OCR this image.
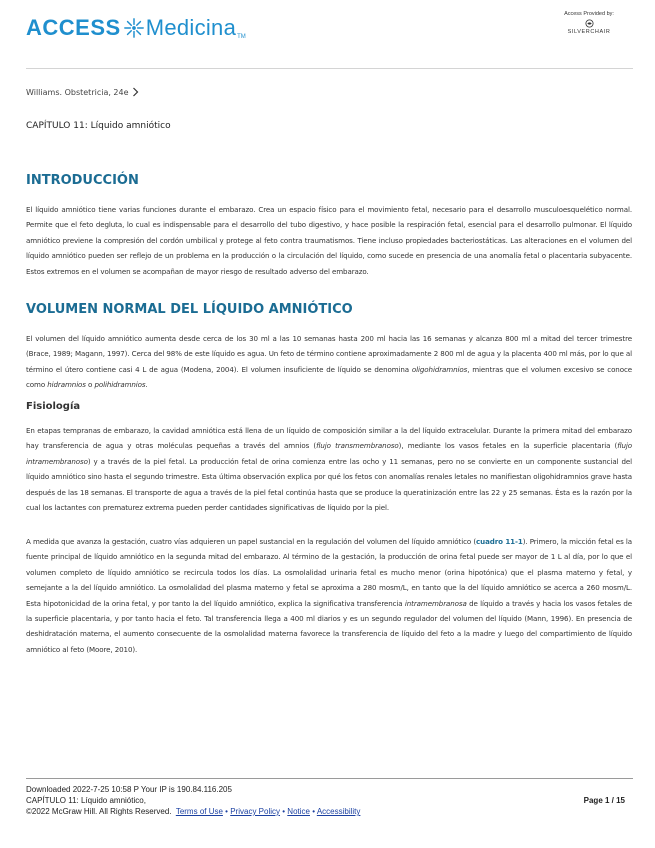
ACCESS Medicina TM
Access Provided by:
SILVERCHAIR
Williams. Obstetricia, 24e
CAPÍTULO 11: Líquido amniótico
INTRODUCCIÓN

El líquido amniótico tiene varias funciones durante el embarazo. Crea un espacio físico para el movimiento fetal, necesario para el desarrollo musculoesquelético normal. Permite que el feto degluta, lo cual es indispensable para el desarrollo del tubo digestivo, y hace posible la respiración fetal, esencial para el desarrollo pulmonar. El líquido amniótico previene la compresión del cordón umbilical y protege al feto contra traumatismos. Tiene incluso propiedades bacteriostáticas. Las alteraciones en el volumen del líquido amniótico pueden ser reflejo de un problema en la producción o la circulación del líquido, como sucede en presencia de una anomalía fetal o placentaria subyacente. Estos extremos en el volumen se acompañan de mayor riesgo de resultado adverso del embarazo.

VOLUMEN NORMAL DEL LÍQUIDO AMNIÓTICO

El volumen del líquido amniótico aumenta desde cerca de los 30 ml a las 10 semanas hasta 200 ml hacia las 16 semanas y alcanza 800 ml a mitad del tercer trimestre (Brace, 1989; Magann, 1997). Cerca del 98% de este líquido es agua. Un feto de término contiene aproximadamente 2 800 ml de agua y la placenta 400 ml más, por lo que al término el útero contiene casi 4 L de agua (Modena, 2004). El volumen insuficiente de líquido se denomina oligohidramnios, mientras que el volumen excesivo se conoce como hidramnios o polihidramnios.

Fisiología

En etapas tempranas de embarazo, la cavidad amniótica está llena de un líquido de composición similar a la del líquido extracelular. Durante la primera mitad del embarazo hay transferencia de agua y otras moléculas pequeñas a través del amnios (flujo transmembranoso), mediante los vasos fetales en la superficie placentaria (flujo intramembranoso) y a través de la piel fetal. La producción fetal de orina comienza entre las ocho y 11 semanas, pero no se convierte en un componente sustancial del líquido amniótico sino hasta el segundo trimestre. Esta última observación explica por qué los fetos con anomalías renales letales no manifiestan oligohidramnios grave hasta después de las 18 semanas. El transporte de agua a través de la piel fetal continúa hasta que se produce la queratinización entre las 22 y 25 semanas. Ésta es la razón por la cual los lactantes con prematurez extrema pueden perder cantidades significativas de líquido por la piel.

A medida que avanza la gestación, cuatro vías adquieren un papel sustancial en la regulación del volumen del líquido amniótico (cuadro 11-1). Primero, la micción fetal es la fuente principal de líquido amniótico en la segunda mitad del embarazo. Al término de la gestación, la producción de orina fetal puede ser mayor de 1 L al día, por lo que el volumen completo de líquido amniótico se recircula todos los días. La osmolalidad urinaria fetal es mucho menor (orina hipotónica) que el plasma materno y fetal, y semejante a la del líquido amniótico. La osmolalidad del plasma materno y fetal se aproxima a 280 mosm/L, en tanto que la del líquido amniótico se acerca a 260 mosm/L. Esta hipotonicidad de la orina fetal, y por tanto la del líquido amniótico, explica la significativa transferencia intramembranosa de líquido a través y hacia los vasos fetales de la superficie placentaria, y por tanto hacia el feto. Tal transferencia llega a 400 ml diarios y es un segundo regulador del volumen del líquido (Mann, 1996). En presencia de deshidratación materna, el aumento consecuente de la osmolalidad materna favorece la transferencia de líquido del feto a la madre y luego del compartimiento de líquido amniótico al feto (Moore, 2010).

Downloaded 2022-7-25 10:58 P Your IP is 190.84.116.205
CAPÍTULO 11: Líquido amniótico,
©2022 McGraw Hill. All Rights Reserved. Terms of Use • Privacy Policy • Notice • Accessibility
Page 1 / 15
